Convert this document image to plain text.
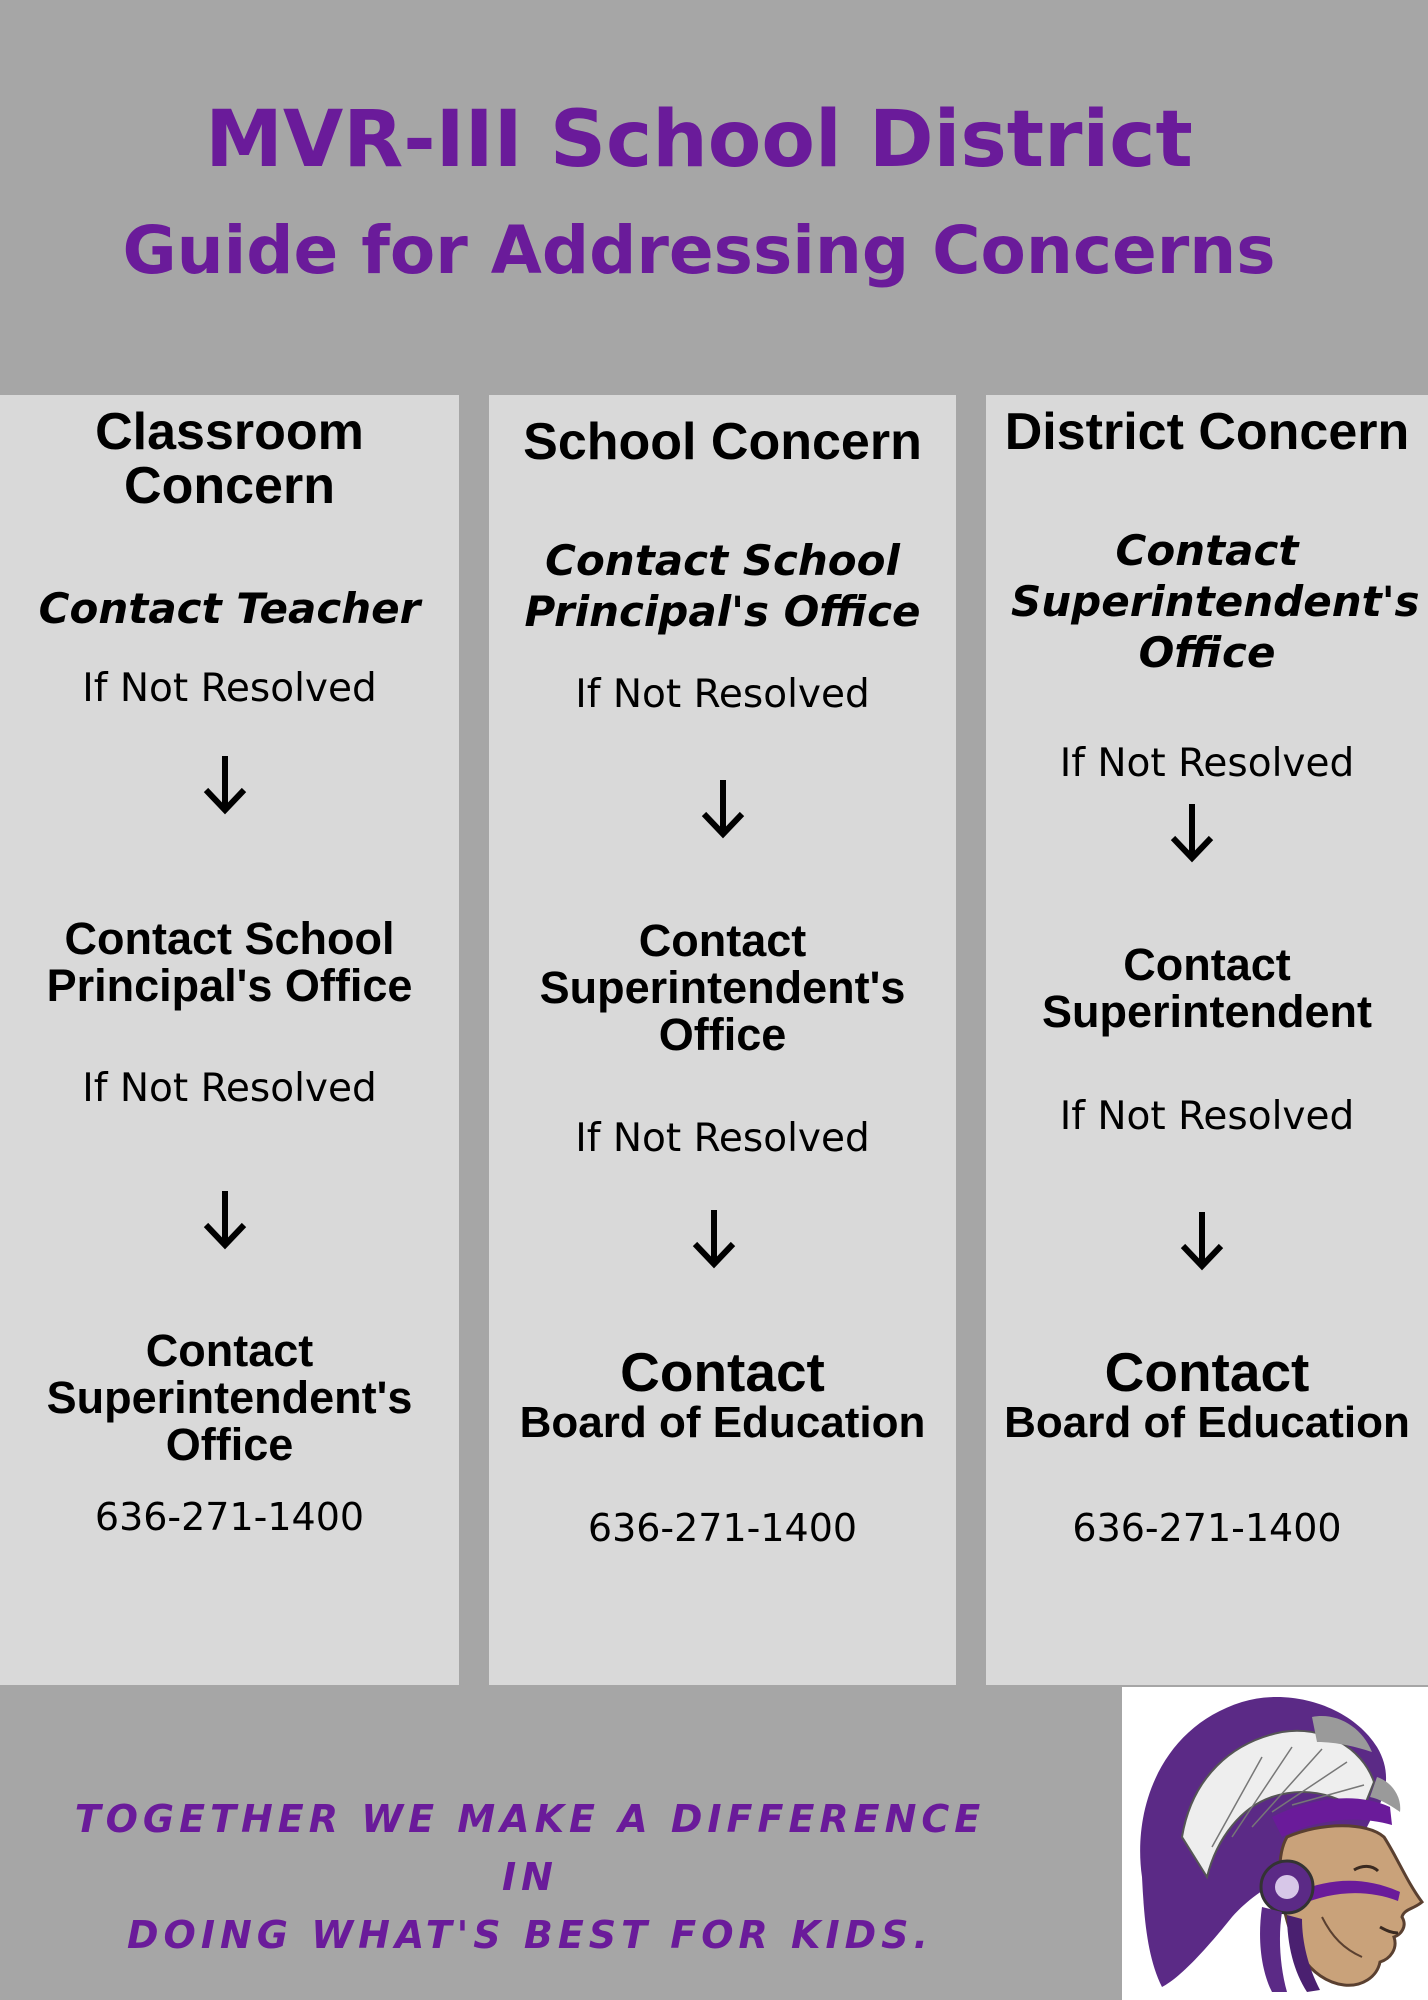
MVR-III School District
Guide for Addressing Concerns
Classroom Concern
Contact Teacher
If Not Resolved
Contact School Principal's Office
If Not Resolved
Contact Superintendent's Office
636-271-1400
School Concern
Contact School Principal's Office
If Not Resolved
Contact Superintendent's Office
If Not Resolved
Contact
Board of Education
636-271-1400
District Concern
Contact Superintendent's Office
If Not Resolved
Contact Superintendent
If Not Resolved
Contact
Board of Education
636-271-1400
TOGETHER WE MAKE A DIFFERENCE IN
DOING WHAT'S BEST FOR KIDS.
